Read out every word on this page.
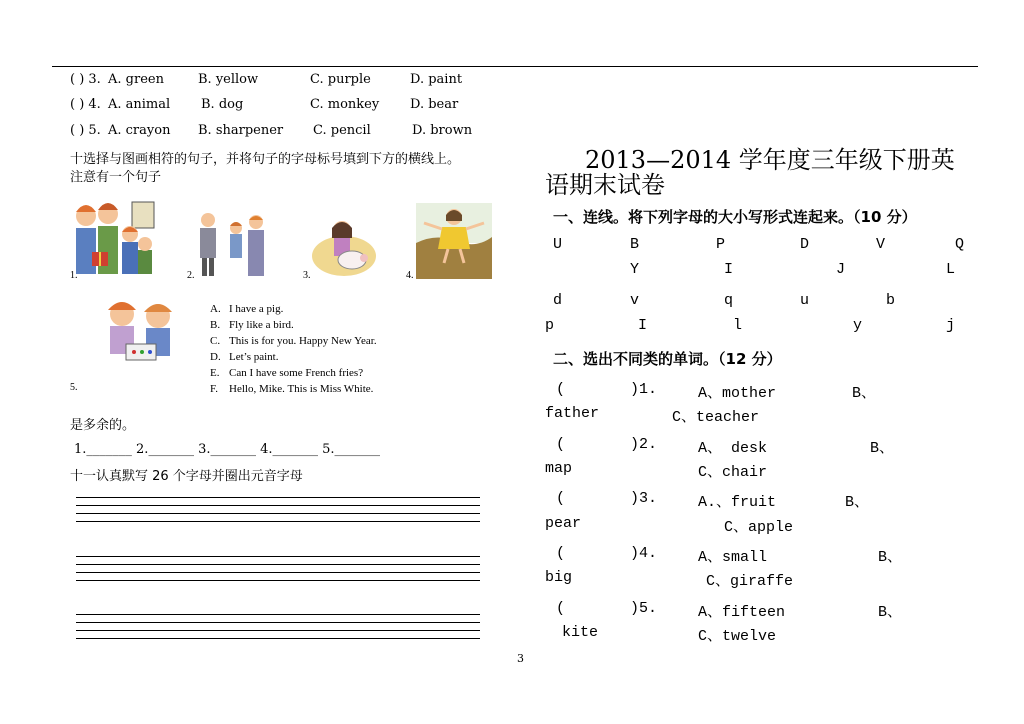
( ) 3. A. green	B. yellow	C. purple	D. paint
( ) 4. A. animal B. dog	C. monkey D. bear
( ) 5. A. crayon B. sharpener C. pencil	D. brown
十选择与图画相符的句子，并将句子的字母标号填到下方的横线上。
注意有一个句子
1.	2.	3.	4.
5.
A. I have a pig.
B. Fly like a bird.
C. This is for you. Happy New Year.
D. Let’s paint.
E. Can I have some French fries?
F. Hello, Mike. This is Miss White.
是多余的。
1._______ 2._______ 3._______ 4._______ 5._______
十一认真默写 26 个字母并圈出元音字母
2013—2014 学年度三年级下册英
语期末试卷
一、连线。将下列字母的大小写形式连起来。（10 分）
U	B	P	D	V	Q
Y	I	J	L
d	v	q	u	b
p	I	l	y	j
二、选出不同类的单词。（12 分）
(	)1.	A、mother	B、
father	C、teacher
(	)2.	A、 desk	B、
map	C、chair
(	)3.	A.、fruit	B、
pear	C、apple
(	)4.	A、small	B、
big	C、giraffe
(	)5.	A、fifteen	B、
kite	C、twelve
3
